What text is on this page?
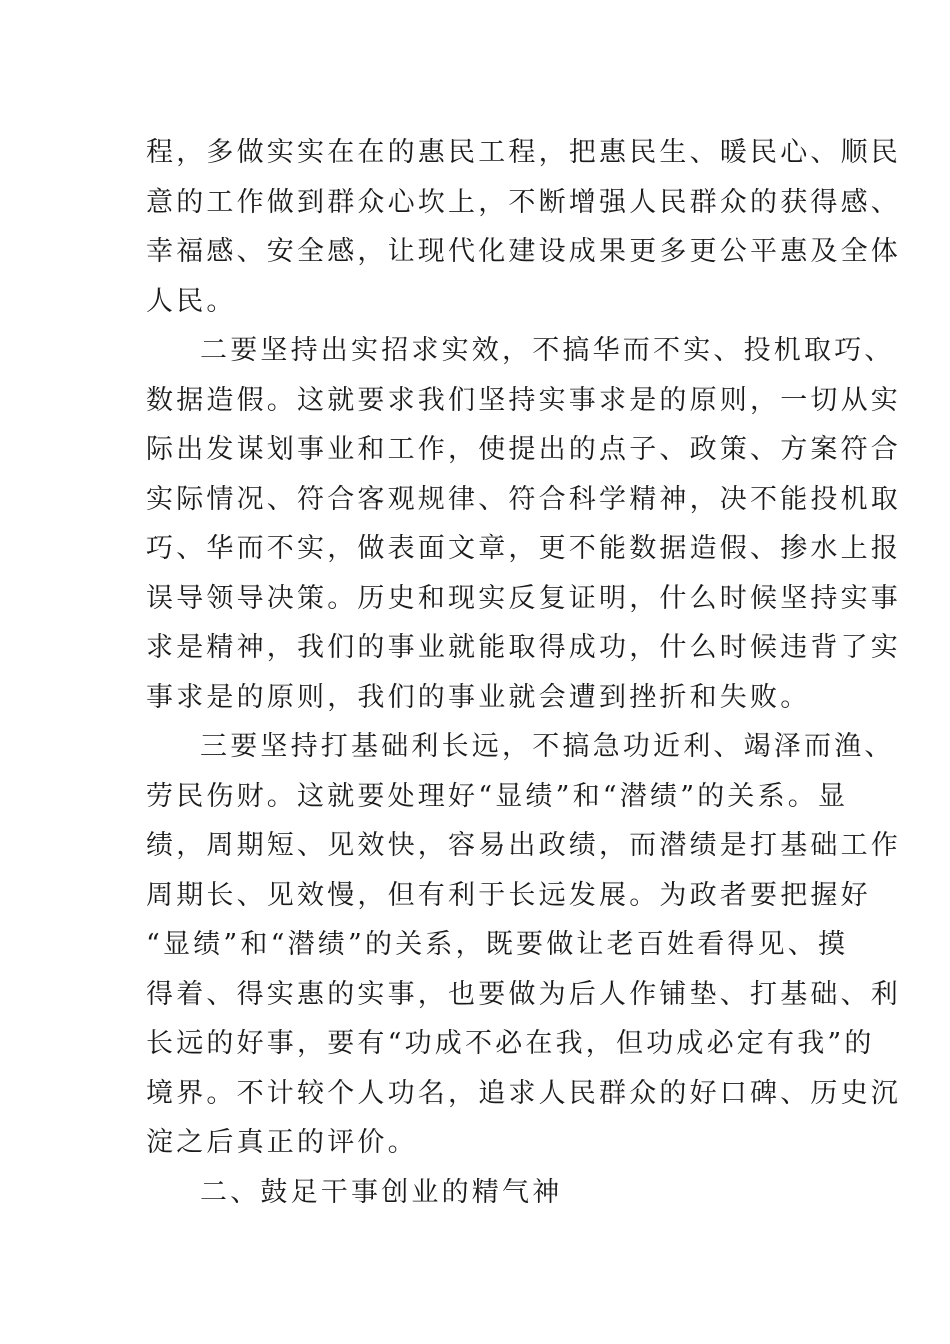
程，多做实实在在的惠民工程，把惠民生、暖民心、顺民
意的工作做到群众心坎上，不断增强人民群众的获得感、
幸福感、安全感，让现代化建设成果更多更公平惠及全体
人民。
二要坚持出实招求实效，不搞华而不实、投机取巧、
数据造假。这就要求我们坚持实事求是的原则，一切从实
际出发谋划事业和工作，使提出的点子、政策、方案符合
实际情况、符合客观规律、符合科学精神，决不能投机取
巧、华而不实，做表面文章，更不能数据造假、掺水上报
误导领导决策。历史和现实反复证明，什么时候坚持实事
求是精神，我们的事业就能取得成功，什么时候违背了实
事求是的原则，我们的事业就会遭到挫折和失败。
三要坚持打基础利长远，不搞急功近利、竭泽而渔、
劳民伤财。这就要处理好“显绩”和“潜绩”的关系。显
绩，周期短、见效快，容易出政绩，而潜绩是打基础工作
周期长、见效慢，但有利于长远发展。为政者要把握好
“显绩”和“潜绩”的关系，既要做让老百姓看得见、摸
得着、得实惠的实事，也要做为后人作铺垫、打基础、利
长远的好事，要有“功成不必在我，但功成必定有我”的
境界。不计较个人功名，追求人民群众的好口碑、历史沉
淀之后真正的评价。
二、鼓足干事创业的精气神
